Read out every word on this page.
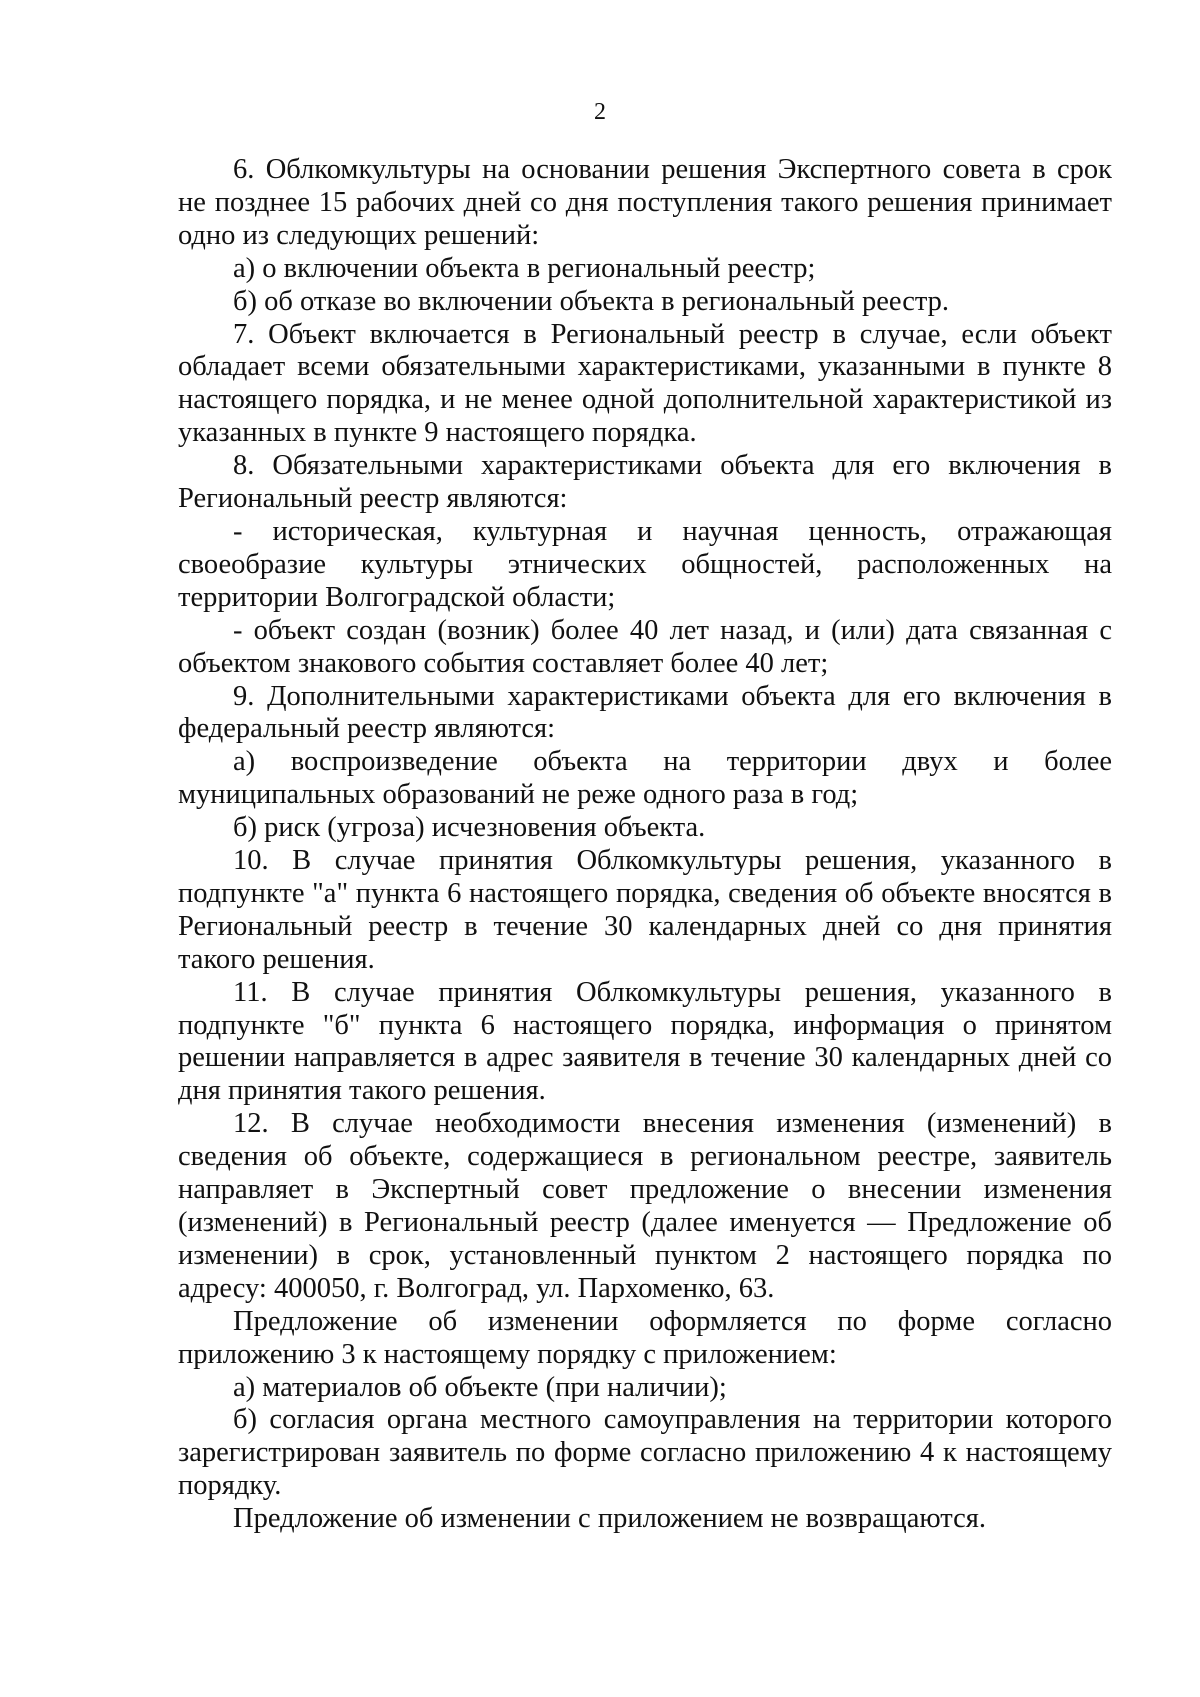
2

6. Облкомкультуры на основании решения Экспертного совета в срок не позднее 15 рабочих дней со дня поступления такого решения принимает одно из следующих решений:

а) о включении объекта в региональный реестр;

б) об отказе во включении объекта в региональный реестр.

7. Объект включается в Региональный реестр в случае, если объект обладает всеми обязательными характеристиками, указанными в пункте 8 настоящего порядка, и не менее одной дополнительной характеристикой из указанных в пункте 9 настоящего порядка.

8. Обязательными характеристиками объекта для его включения в Региональный реестр являются:

- историческая, культурная и научная ценность, отражающая своеобразие культуры этнических общностей, расположенных на территории Волгоградской области;

- объект создан (возник) более 40 лет назад, и (или) дата связанная с объектом знакового события составляет более 40 лет;

9. Дополнительными характеристиками объекта для его включения в федеральный реестр являются:

а) воспроизведение объекта на территории двух и более муниципальных образований не реже одного раза в год;

б) риск (угроза) исчезновения объекта.

10. В случае принятия Облкомкультуры решения, указанного в подпункте "а" пункта 6 настоящего порядка, сведения об объекте вносятся в Региональный реестр в течение 30 календарных дней со дня принятия такого решения.

11. В случае принятия Облкомкультуры решения, указанного в подпункте "б" пункта 6 настоящего порядка, информация о принятом решении направляется в адрес заявителя в течение 30 календарных дней со дня принятия такого решения.

12. В случае необходимости внесения изменения (изменений) в сведения об объекте, содержащиеся в региональном реестре, заявитель направляет в Экспертный совет предложение о внесении изменения (изменений) в Региональный реестр (далее именуется — Предложение об изменении) в срок, установленный пунктом 2 настоящего порядка по адресу: 400050, г. Волгоград, ул. Пархоменко, 63.

Предложение об изменении оформляется по форме согласно приложению 3 к настоящему порядку с приложением:

а) материалов об объекте (при наличии);

б) согласия органа местного самоуправления на территории которого зарегистрирован заявитель по форме согласно приложению 4 к настоящему порядку.

Предложение об изменении с приложением не возвращаются.
